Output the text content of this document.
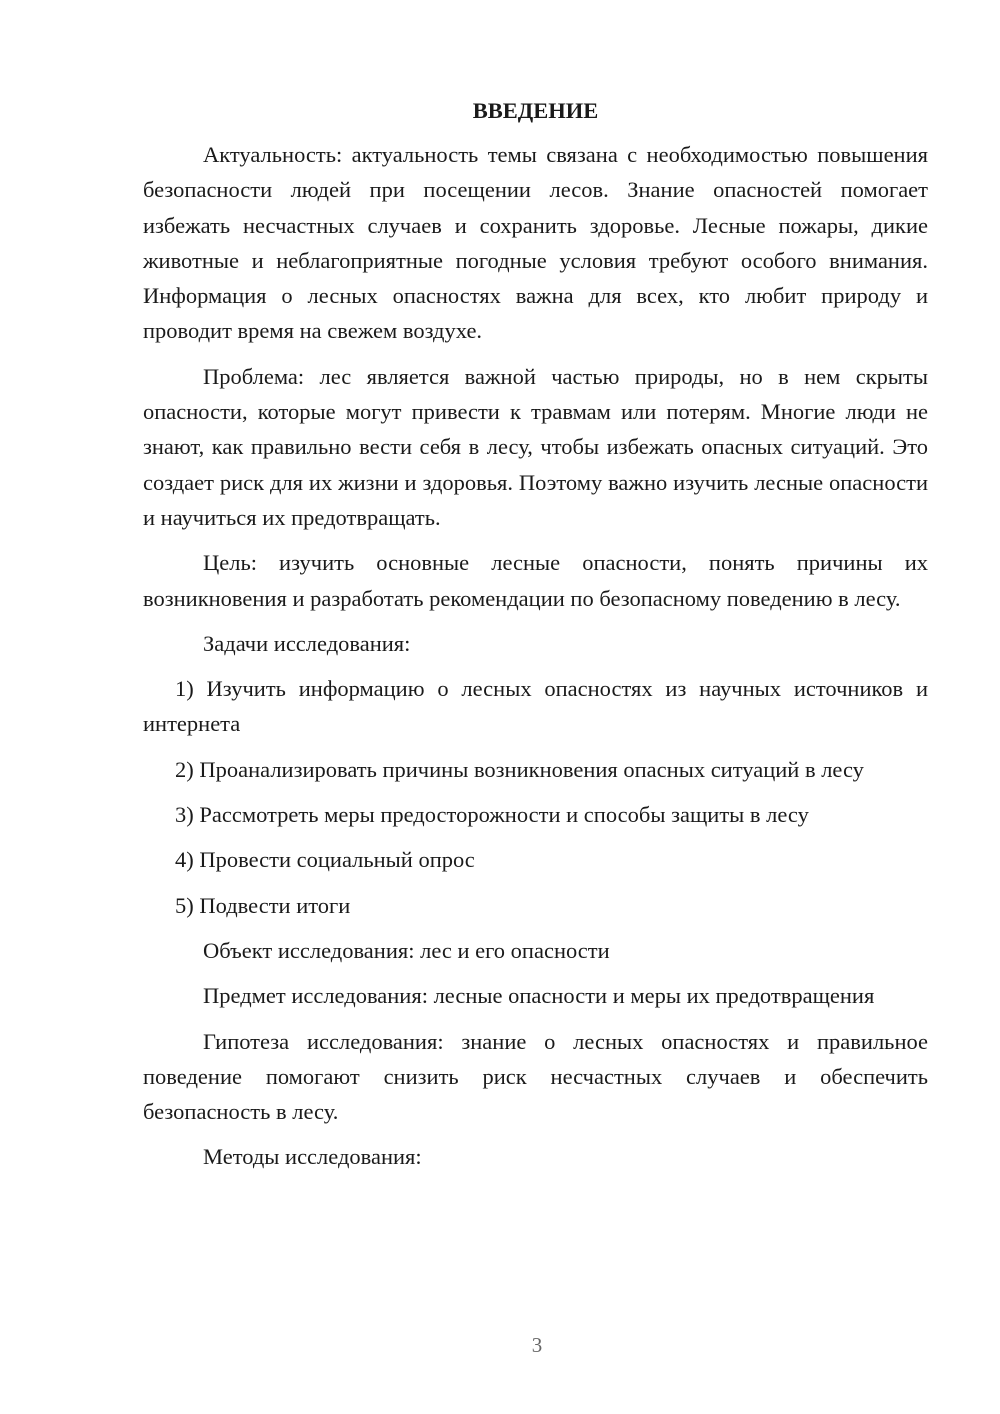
ВВЕДЕНИЕ

Актуальность: актуальность темы связана с необходимостью повышения безопасности людей при посещении лесов. Знание опасностей помогает избежать несчастных случаев и сохранить здоровье. Лесные пожары, дикие животные и неблагоприятные погодные условия требуют особого внимания. Информация о лесных опасностях важна для всех, кто любит природу и проводит время на свежем воздухе.

Проблема: лес является важной частью природы, но в нем скрыты опасности, которые могут привести к травмам или потерям. Многие люди не знают, как правильно вести себя в лесу, чтобы избежать опасных ситуаций. Это создает риск для их жизни и здоровья. Поэтому важно изучить лесные опасности и научиться их предотвращать.

Цель: изучить основные лесные опасности, понять причины их возникновения и разработать рекомендации по безопасному поведению в лесу.

Задачи исследования:

1) Изучить информацию о лесных опасностях из научных источников и интернета

2) Проанализировать причины возникновения опасных ситуаций в лесу

3) Рассмотреть меры предосторожности и способы защиты в лесу

4) Провести социальный опрос

5) Подвести итоги

Объект исследования: лес и его опасности

Предмет исследования: лесные опасности и меры их предотвращения

Гипотеза исследования: знание о лесных опасностях и правильное поведение помогают снизить риск несчастных случаев и обеспечить безопасность в лесу.

Методы исследования:

3
